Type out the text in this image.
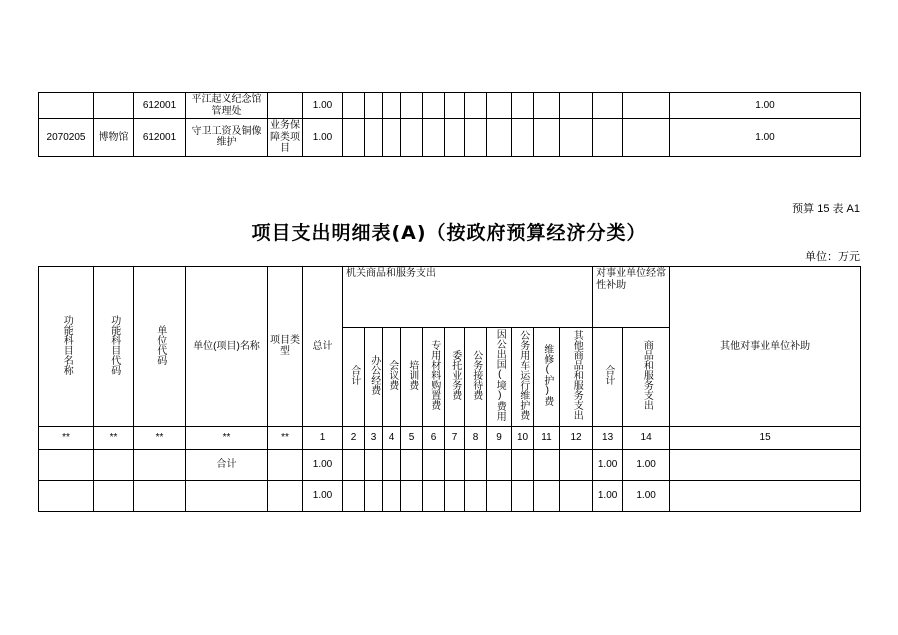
		612001	平江起义纪念馆管理处		1.00														1.00
2070205	博物馆	612001	守卫工资及铜像维护	业务保障类项目	1.00														1.00
预算 15 表 A1
项目支出明细表(A)（按政府预算经济分类）
单位：万元
功能科目名称	功能科目代码	单位代码	单位(项目)名称	项目类型	总计	机关商品和服务支出											对事业单位经常性补助		其他对事业单位补助
						合计	办公经费	会议费	培训费	专用材料购置费	委托业务费	公务接待费	因公出国(境)费用	公务用车运行维护费	维修(护)费	其他商品和服务支出	合计	商品和服务支出	
**	**	**	**	**	1	2	3	4	5	6	7	8	9	10	11	12	13	14	15
			合计		1.00												1.00	1.00	
					1.00												1.00	1.00	
